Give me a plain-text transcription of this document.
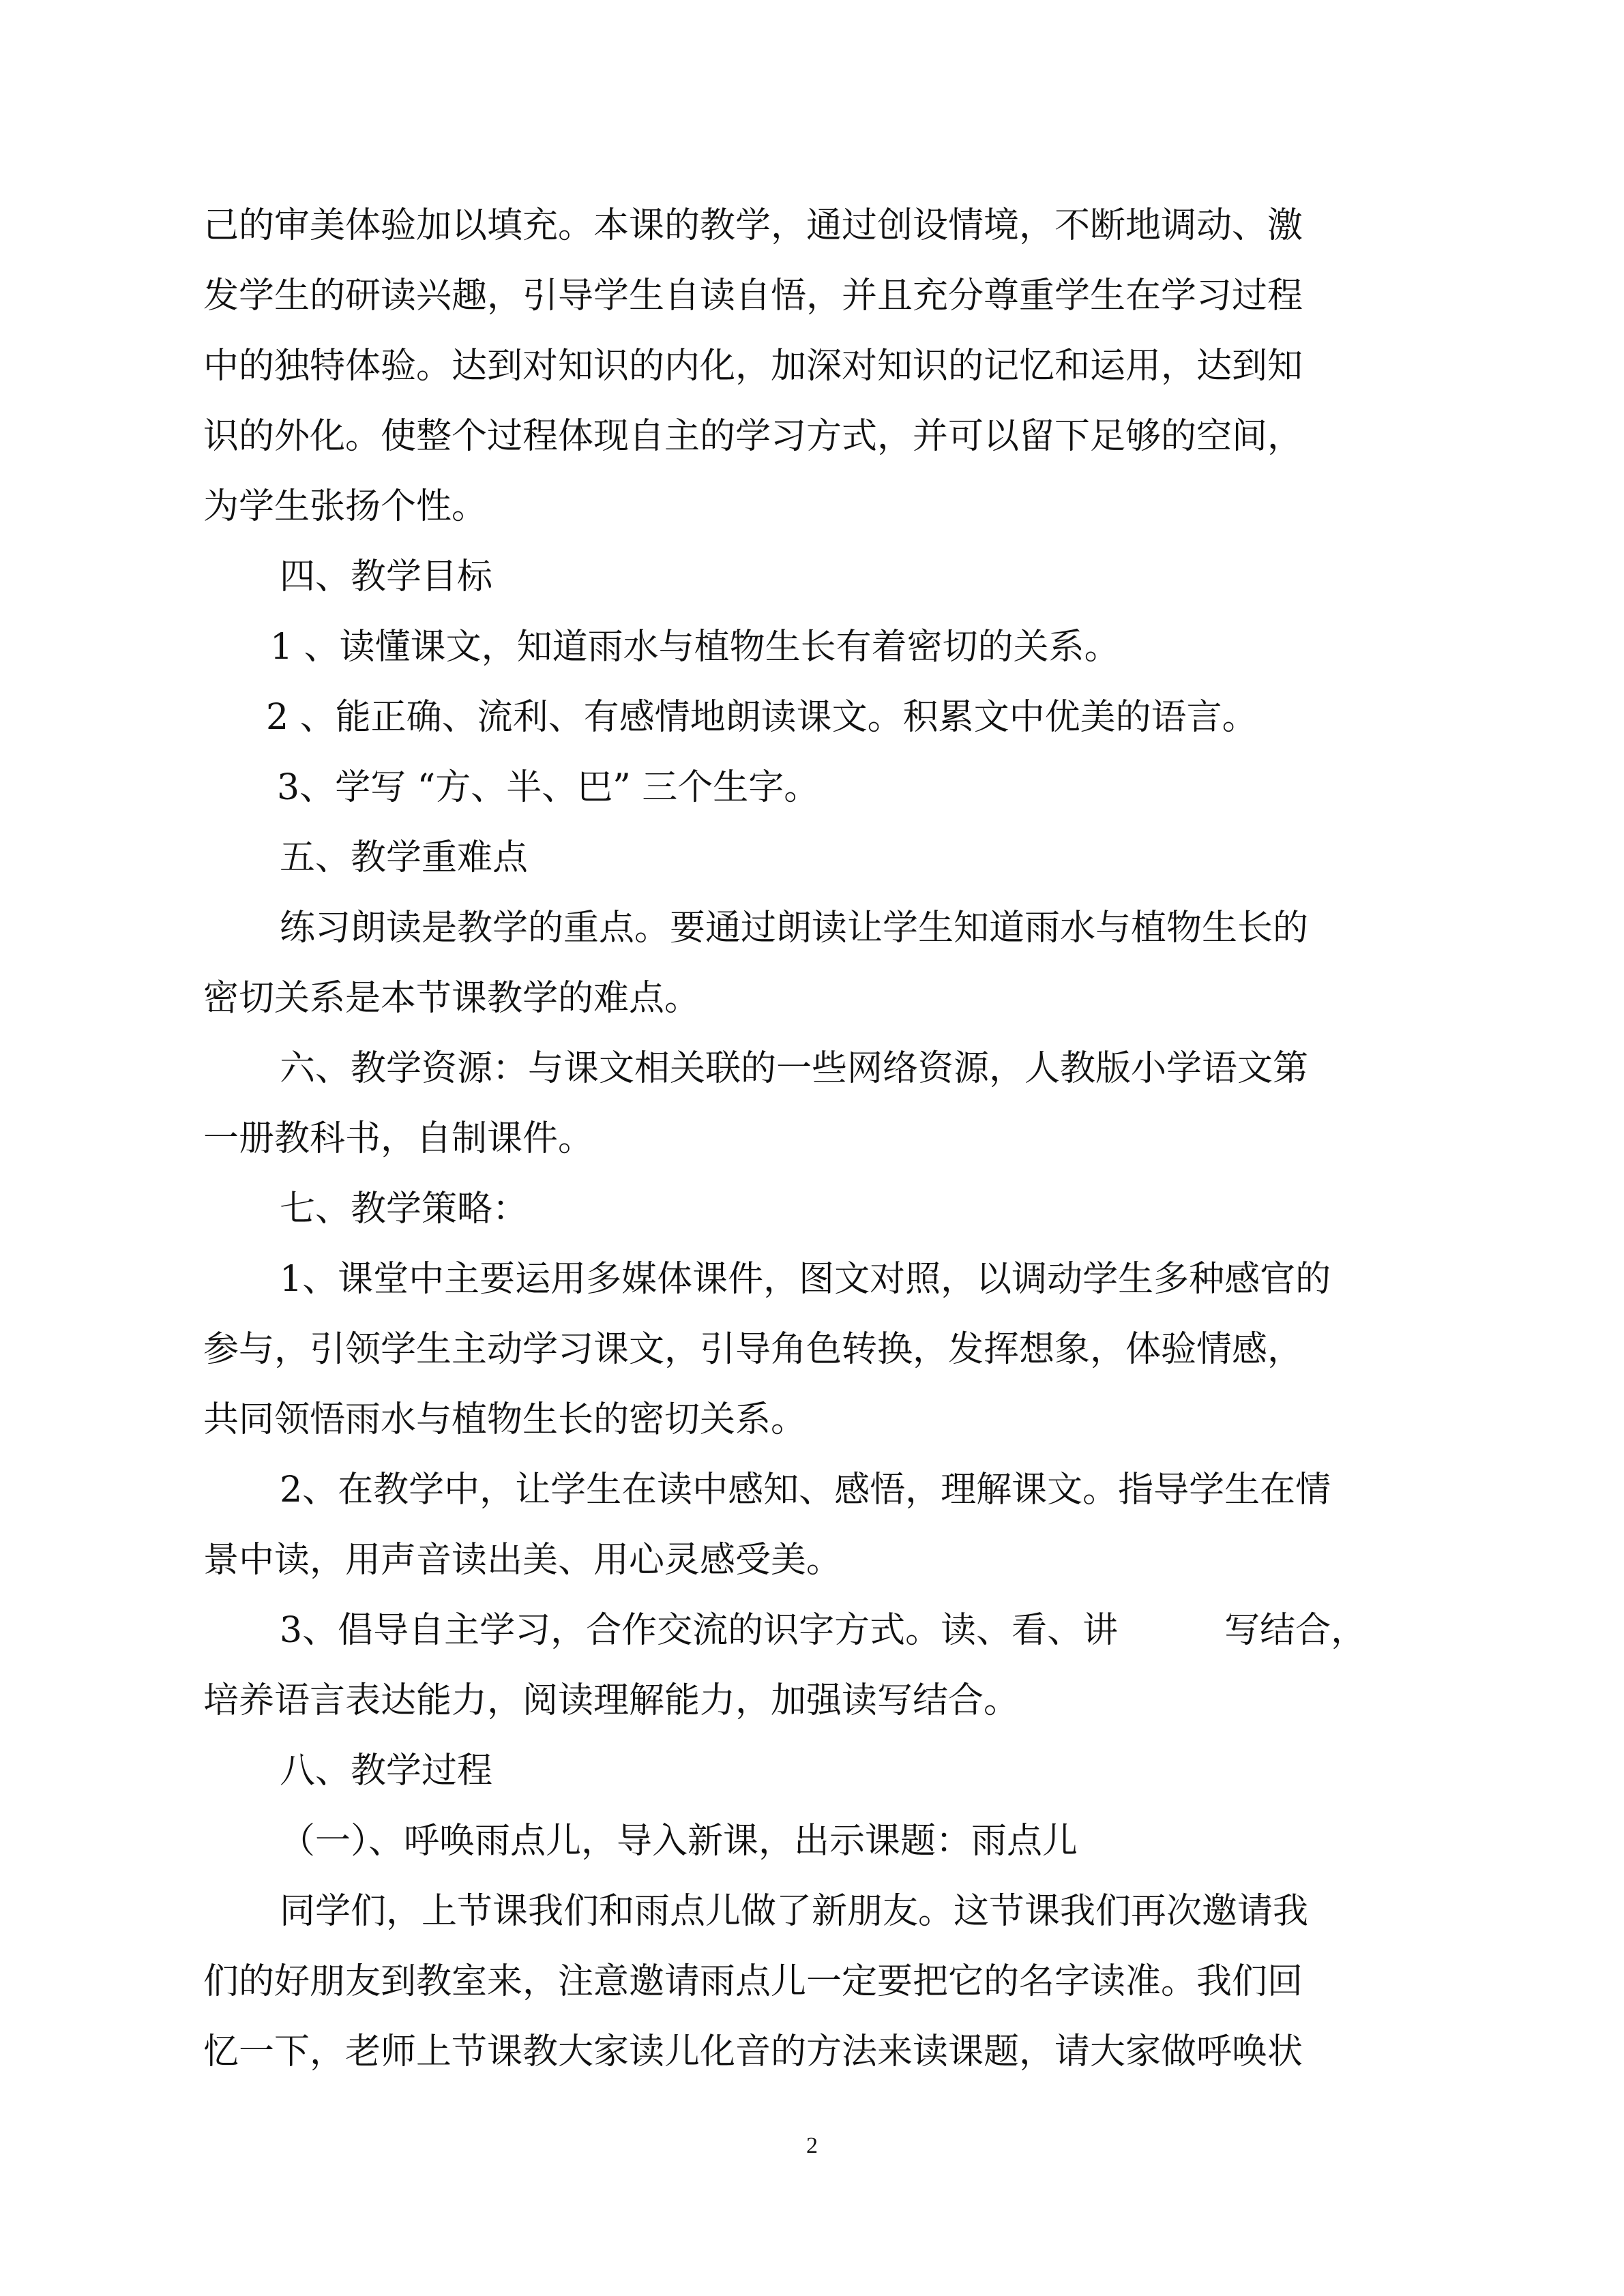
己的审美体验加以填充。本课的教学，通过创设情境，不断地调动、激
发学生的研读兴趣，引导学生自读自悟，并且充分尊重学生在学习过程
中的独特体验。达到对知识的内化，加深对知识的记忆和运用，达到知
识的外化。使整个过程体现自主的学习方式，并可以留下足够的空间，
为学生张扬个性。
四、教学目标
1 、读懂课文，知道雨水与植物生长有着密切的关系。
2 、能正确、流利、有感情地朗读课文。积累文中优美的语言。
3、学写 “方、半、巴” 三个生字。
五、教学重难点
练习朗读是教学的重点。要通过朗读让学生知道雨水与植物生长的
密切关系是本节课教学的难点。
六、教学资源：与课文相关联的一些网络资源，人教版小学语文第
一册教科书，自制课件。
七、教学策略：
1、课堂中主要运用多媒体课件，图文对照，以调动学生多种感官的
参与，引领学生主动学习课文，引导角色转换，发挥想象，体验情感，
共同领悟雨水与植物生长的密切关系。
2、在教学中，让学生在读中感知、感悟，理解课文。指导学生在情
景中读，用声音读出美、用心灵感受美。
3、倡导自主学习，合作交流的识字方式。读、看、讲　　　写结合，
培养语言表达能力，阅读理解能力，加强读写结合。
八、教学过程
（一）、呼唤雨点儿，导入新课，出示课题：雨点儿
同学们，上节课我们和雨点儿做了新朋友。这节课我们再次邀请我
们的好朋友到教室来，注意邀请雨点儿一定要把它的名字读准。我们回
忆一下，老师上节课教大家读儿化音的方法来读课题，请大家做呼唤状
2
